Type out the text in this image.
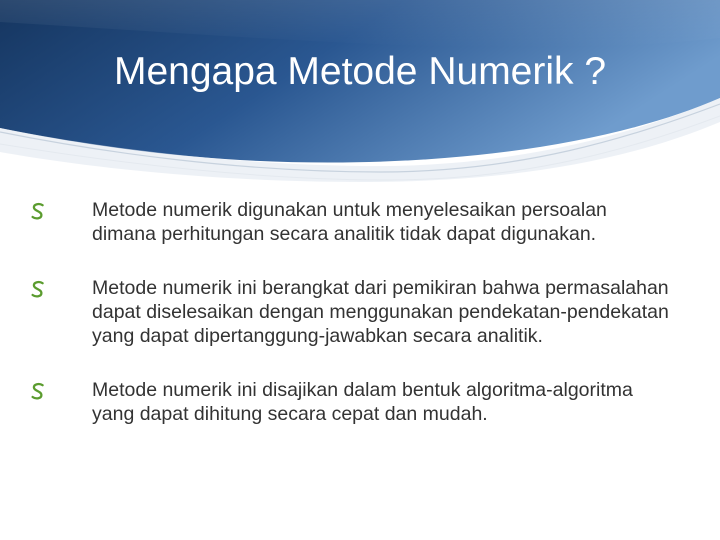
Mengapa Metode Numerik ?
Metode numerik digunakan untuk menyelesaikan persoalan dimana perhitungan secara analitik tidak dapat digunakan.
Metode numerik ini berangkat dari pemikiran bahwa permasalahan dapat diselesaikan dengan menggunakan pendekatan-pendekatan yang dapat dipertanggung-jawabkan secara analitik.
Metode numerik ini disajikan dalam bentuk algoritma-algoritma yang dapat dihitung secara cepat dan mudah.
